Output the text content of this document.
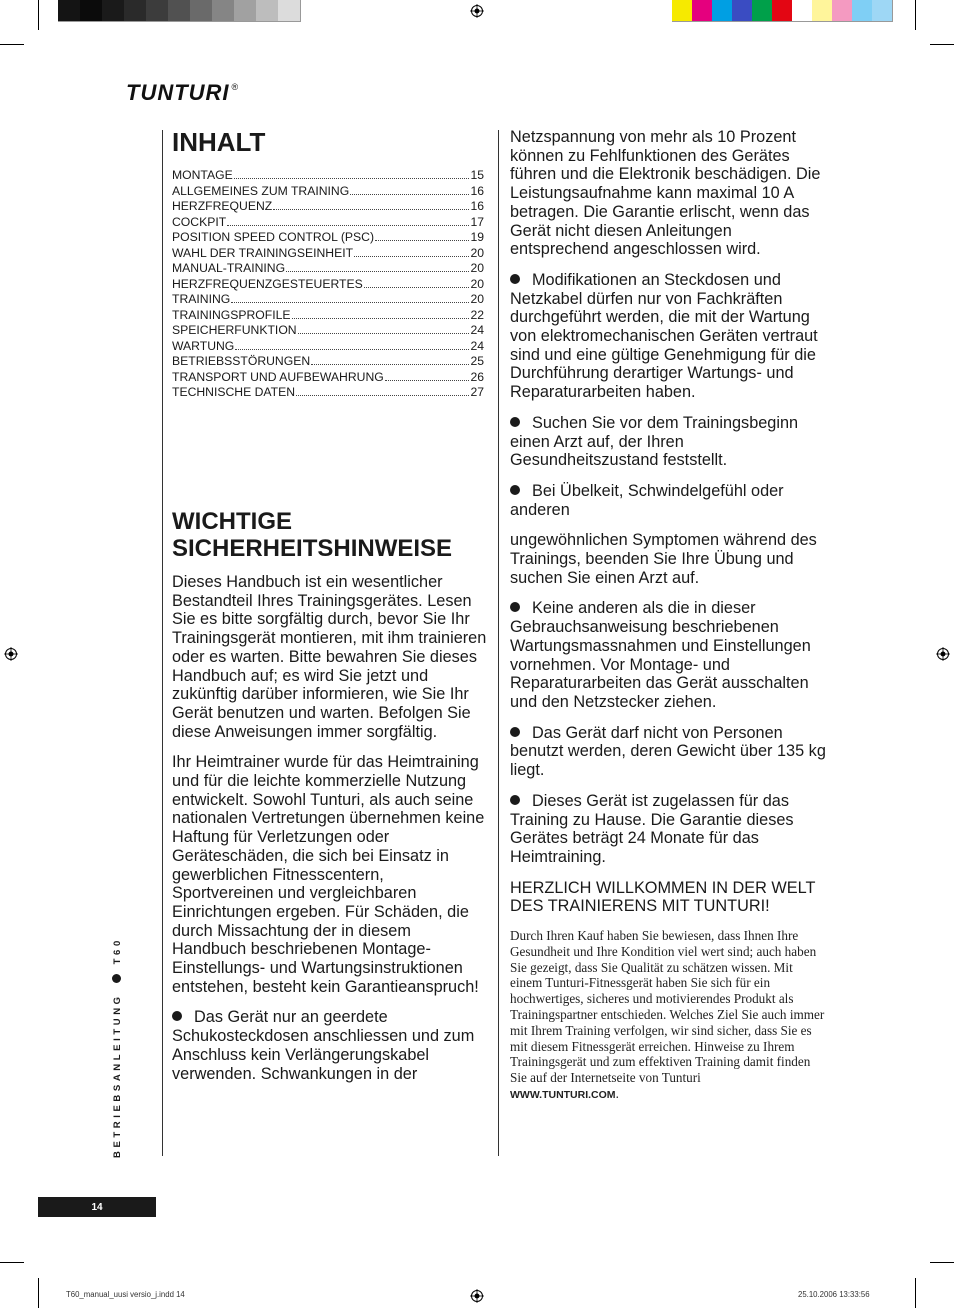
TUNTURI ®
INHALT
MONTAGE	15
ALLGEMEINES ZUM TRAINING	16
HERZFREQUENZ	16
COCKPIT	17
POSITION SPEED CONTROL (PSC)	19
WAHL DER TRAININGSEINHEIT	20
MANUAL-TRAINING	20
HERZFREQUENZGESTEUERTES	20
TRAINING	20
TRAININGSPROFILE	22
SPEICHERFUNKTION	24
WARTUNG	24
BETRIEBSSTÖRUNGEN	25
TRANSPORT UND AUFBEWAHRUNG	26
TECHNISCHE DATEN	27
WICHTIGE
SICHERHEITSHINWEISE

Dieses Handbuch ist ein wesentlicher Bestandteil Ihres Trainingsgerätes. Lesen Sie es bitte sorgfältig durch, bevor Sie Ihr Trainingsgerät montieren, mit ihm trainieren oder es warten. Bitte bewahren Sie dieses Handbuch auf; es wird Sie jetzt und zukünftig darüber informieren, wie Sie Ihr Gerät benutzen und warten. Befolgen Sie diese Anweisungen immer sorgfältig.

Ihr Heimtrainer wurde für das Heimtraining und für die leichte kommerzielle Nutzung entwickelt. Sowohl Tunturi, als auch seine nationalen Vertretungen übernehmen keine Haftung für Verletzungen oder Geräteschäden, die sich bei Einsatz in gewerblichen Fitnesscentern, Sportvereinen und vergleichbaren Einrichtungen ergeben. Für Schäden, die durch Missachtung der in diesem Handbuch beschriebenen Montage-Einstellungs- und Wartungsinstruktionen entstehen, besteht kein Garantieanspruch!

Das Gerät nur an geerdete Schukosteckdosen anschliessen und zum Anschluss kein Verlängerungskabel verwenden. Schwankungen in der

Netzspannung von mehr als 10 Prozent können zu Fehlfunktionen des Gerätes führen und die Elektronik beschädigen. Die Leistungsaufnahme kann maximal 10 A betragen. Die Garantie erlischt, wenn das Gerät nicht diesen Anleitungen entsprechend angeschlossen wird.

Modifikationen an Steckdosen und Netzkabel dürfen nur von Fachkräften durchgeführt werden, die mit der Wartung von elektromechanischen Geräten vertraut sind und eine gültige Genehmigung für die Durchführung derartiger Wartungs- und Reparaturarbeiten haben.

Suchen Sie vor dem Trainingsbeginn einen Arzt auf, der Ihren Gesundheitszustand feststellt.

Bei Übelkeit, Schwindelgefühl oder anderen

ungewöhnlichen Symptomen während des Trainings, beenden Sie Ihre Übung und suchen Sie einen Arzt auf.

Keine anderen als die in dieser Gebrauchsanweisung beschriebenen Wartungsmassnahmen und Einstellungen vornehmen. Vor Montage- und Reparaturarbeiten das Gerät ausschalten und den Netzstecker ziehen.

Das Gerät darf nicht von Personen benutzt werden, deren Gewicht über 135 kg liegt.

Dieses Gerät ist zugelassen für das Training zu Hause. Die Garantie dieses Gerätes beträgt 24 Monate für das Heimtraining.

HERZLICH WILLKOMMEN IN DER WELT DES TRAINIERENS MIT TUNTURI!

Durch Ihren Kauf haben Sie bewiesen, dass Ihnen Ihre Gesundheit und Ihre Kondition viel wert sind; auch haben Sie gezeigt, dass Sie Qualität zu schätzen wissen. Mit einem Tunturi-Fitnessgerät haben Sie sich für ein hochwertiges, sicheres und motivierendes Produkt als Trainingspartner entschieden. Welches Ziel Sie auch immer mit Ihrem Training verfolgen, wir sind sicher, dass Sie es mit diesem Fitnessgerät erreichen. Hinweise zu Ihrem Trainingsgerät und zum effektiven Training damit finden Sie auf der Internetseite von Tunturi
WWW.TUNTURI.COM.

BETRIEBSANLEITUNGT60
14
T60_manual_uusi versio_j.indd 14	25.10.2006 13:33:56
